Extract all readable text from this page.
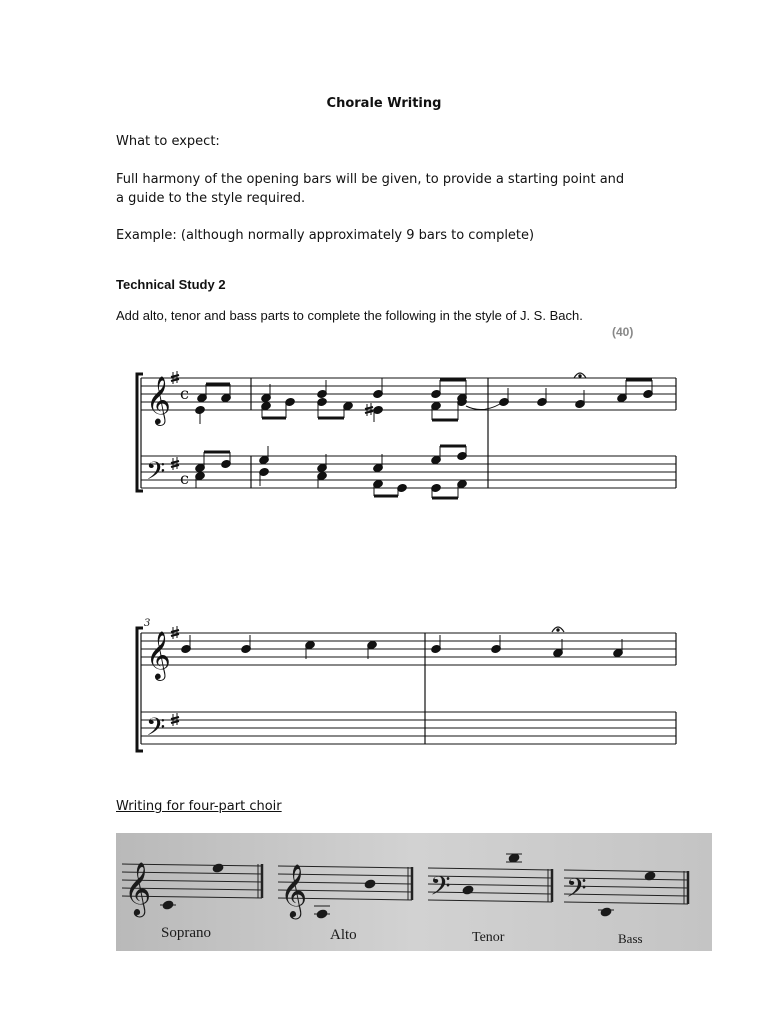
Chorale Writing
What to expect:
Full harmony of the opening bars will be given, to provide a starting point and a guide to the style required.
Example: (although normally approximately 9 bars to complete)
Technical Study 2
Add alto, tenor and bass parts to complete the following in the style of J. S. Bach.
(40)
Writing for four-part choir
𝄞
𝄢
c
c
3
𝄞
𝄢
𝄞	𝄞	𝄢	𝄢
Soprano	Alto	Tenor	Bass
